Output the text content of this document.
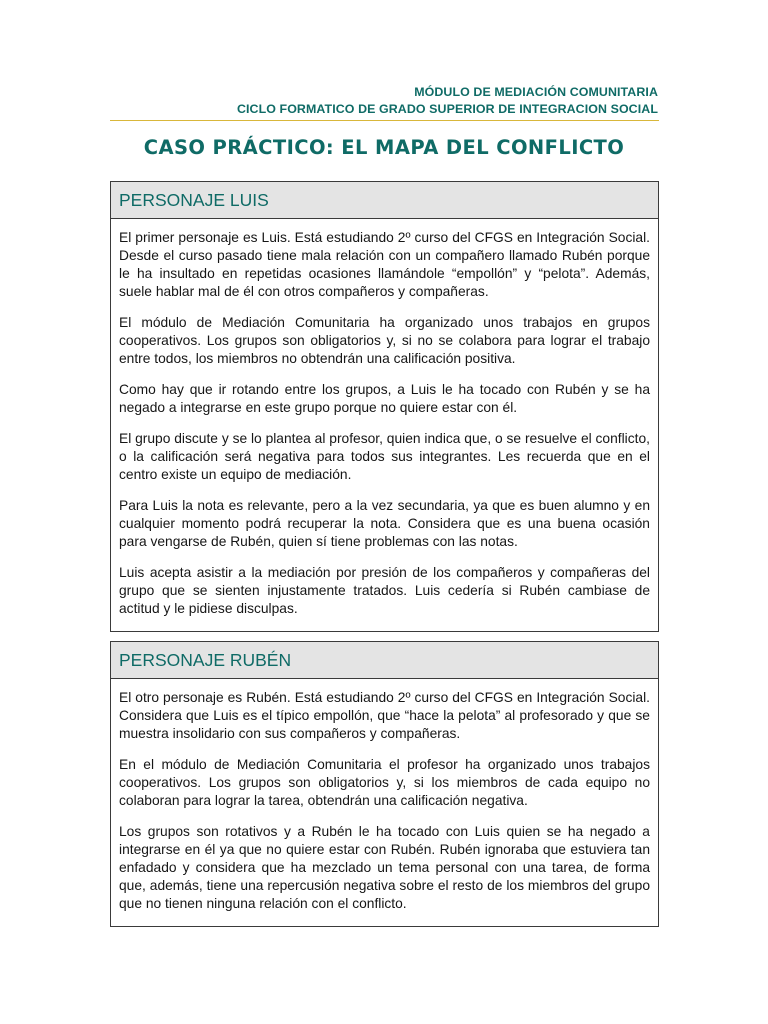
MÓDULO DE MEDIACIÓN COMUNITARIA
CICLO FORMATICO DE GRADO SUPERIOR DE INTEGRACION SOCIAL
CASO PRÁCTICO: EL MAPA DEL CONFLICTO
PERSONAJE LUIS

El primer personaje es Luis. Está estudiando 2º curso del CFGS en Integración Social. Desde el curso pasado tiene mala relación con un compañero llamado Rubén porque le ha insultado en repetidas ocasiones llamándole “empollón” y “pelota”. Además, suele hablar mal de él con otros compañeros y compañeras.

El módulo de Mediación Comunitaria ha organizado unos trabajos en grupos cooperativos. Los grupos son obligatorios y, si no se colabora para lograr el trabajo entre todos, los miembros no obtendrán una calificación positiva.

Como hay que ir rotando entre los grupos, a Luis le ha tocado con Rubén y se ha negado a integrarse en este grupo porque no quiere estar con él.

El grupo discute y se lo plantea al profesor, quien indica que, o se resuelve el conflicto, o la calificación será negativa para todos sus integrantes. Les recuerda que en el centro existe un equipo de mediación.

Para Luis la nota es relevante, pero a la vez secundaria, ya que es buen alumno y en cualquier momento podrá recuperar la nota. Considera que es una buena ocasión para vengarse de Rubén, quien sí tiene problemas con las notas.

Luis acepta asistir a la mediación por presión de los compañeros y compañeras del grupo que se sienten injustamente tratados. Luis cedería si Rubén cambiase de actitud y le pidiese disculpas.

PERSONAJE RUBÉN

El otro personaje es Rubén. Está estudiando 2º curso del CFGS en Integración Social. Considera que Luis es el típico empollón, que “hace la pelota” al profesorado y que se muestra insolidario con sus compañeros y compañeras.

En el módulo de Mediación Comunitaria el profesor ha organizado unos trabajos cooperativos. Los grupos son obligatorios y, si los miembros de cada equipo no colaboran para lograr la tarea, obtendrán una calificación negativa.

Los grupos son rotativos y a Rubén le ha tocado con Luis quien se ha negado a integrarse en él ya que no quiere estar con Rubén. Rubén ignoraba que estuviera tan enfadado y considera que ha mezclado un tema personal con una tarea, de forma que, además, tiene una repercusión negativa sobre el resto de los miembros del grupo que no tienen ninguna relación con el conflicto.
